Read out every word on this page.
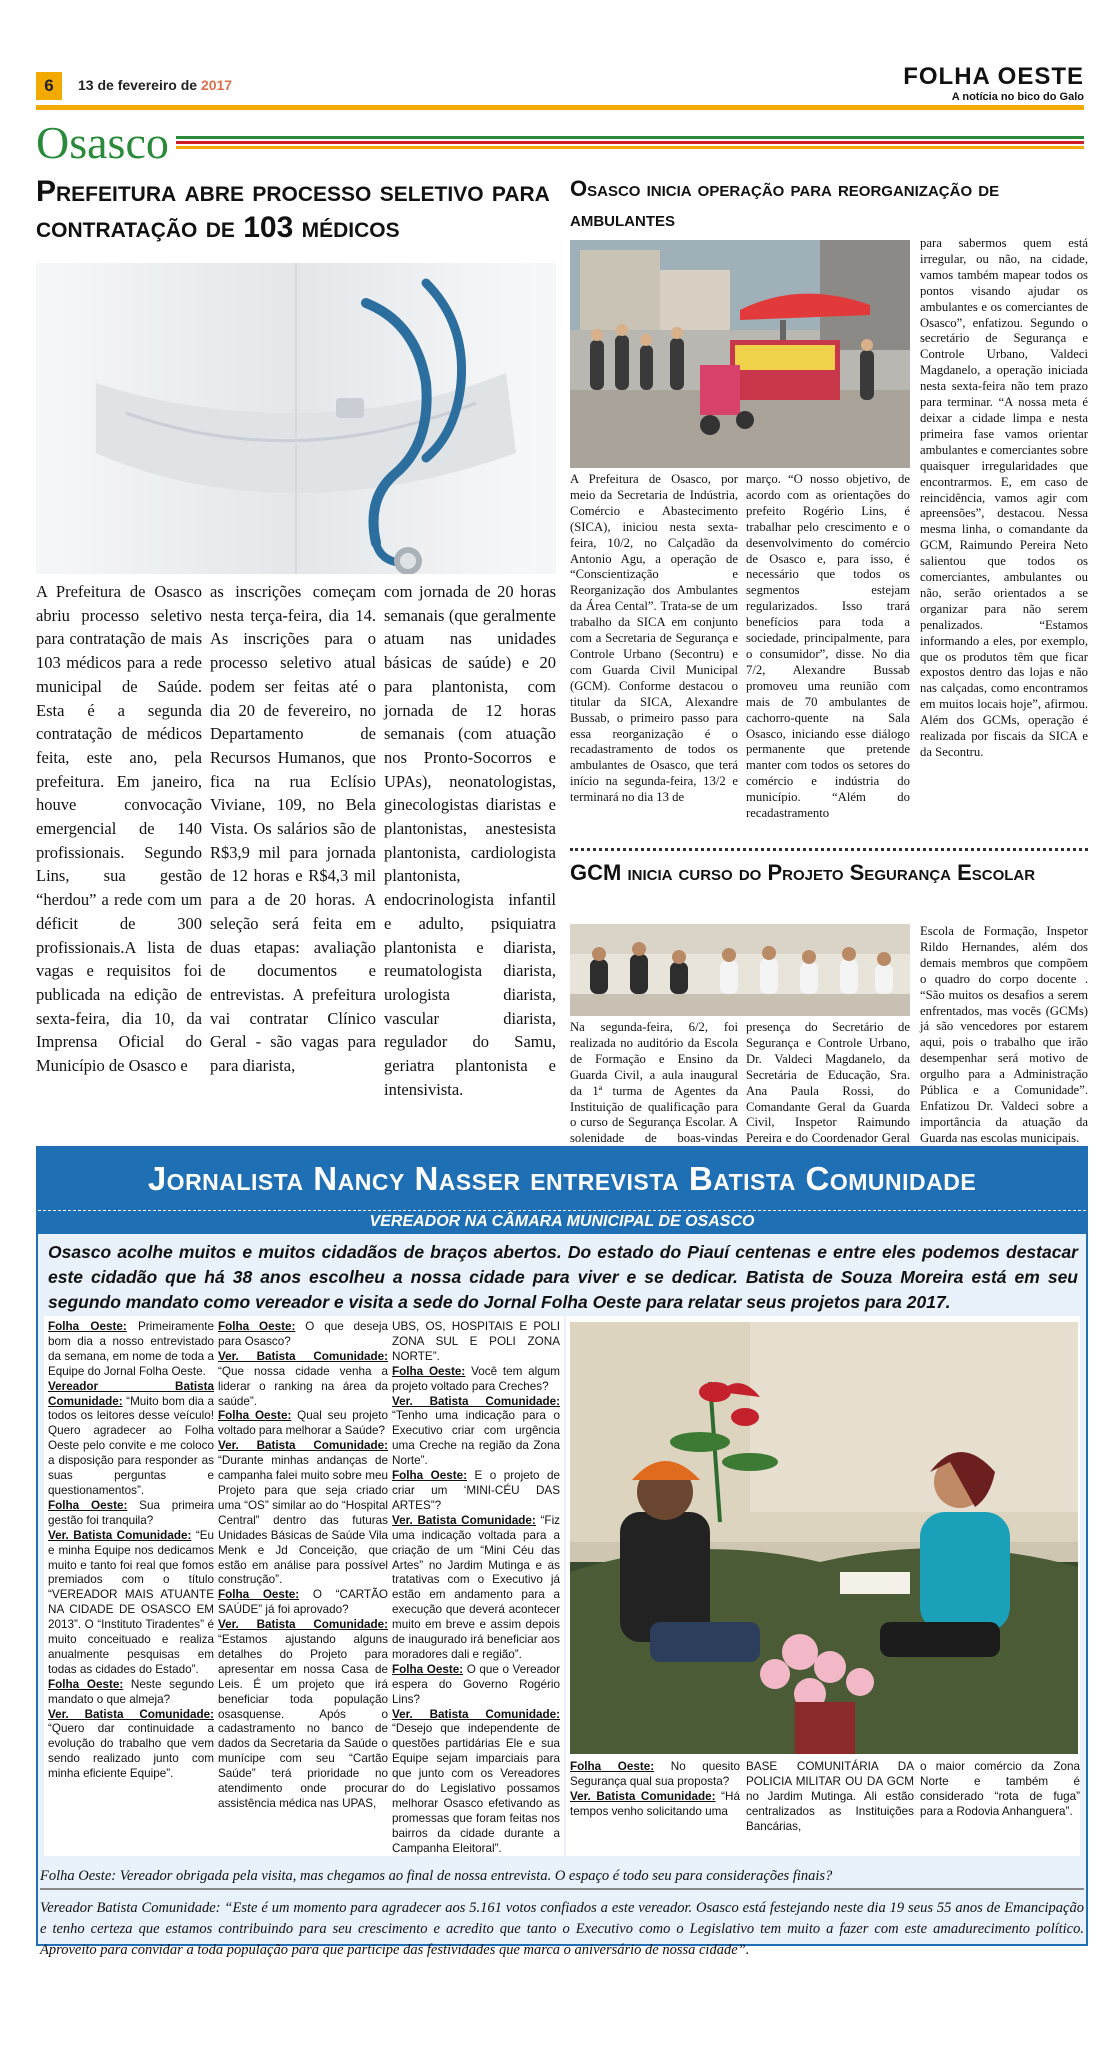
6	13 de fevereiro de 2017	FOLHA OESTE
A notícia no bico do Galo
Osasco
Prefeitura abre processo seletivo para contratação de 103 médicos
A Prefeitura de Osasco abriu processo seletivo para contratação de mais 103 médicos para a rede municipal de Saúde. Esta é a segunda contratação de médicos feita, este ano, pela prefeitura. Em janeiro, houve convocação emergencial de 140 profissionais. Segundo Lins, sua gestão “herdou” a rede com um déficit de 300 profissionais.A lista de vagas e requisitos foi publicada na edição de sexta-feira, dia 10, da Imprensa Oficial do Município de Osasco e
as inscrições começam nesta terça-feira, dia 14. As inscrições para o processo seletivo atual podem ser feitas até o dia 20 de fevereiro, no Departamento de Recursos Humanos, que fica na rua Eclísio Viviane, 109, no Bela Vista. Os salários são de R$3,9 mil para jornada de 12 horas e R$4,3 mil para a de 20 horas. A seleção será feita em duas etapas: avaliação de documentos e entrevistas. A prefeitura vai contratar Clínico Geral - são vagas para para diarista,
com jornada de 20 horas semanais (que geralmente atuam nas unidades básicas de saúde) e 20 para plantonista, com jornada de 12 horas semanais (com atuação nos Pronto-Socorros e UPAs), neonatologistas, ginecologistas diaristas e plantonistas, anestesista plantonista, cardiologista plantonista, endocrinologista infantil e adulto, psiquiatra plantonista e diarista, reumatologista diarista, urologista diarista, vascular diarista, regulador do Samu, geriatra plantonista e intensivista.
Osasco inicia operação para reorganização de ambulantes
A Prefeitura de Osasco, por meio da Secretaria de Indústria, Comércio e Abastecimento (SICA), iniciou nesta sexta-feira, 10/2, no Calçadão da Antonio Agu, a operação de “Conscientização e Reorganização dos Ambulantes da Área Cental”. Trata-se de um trabalho da SICA em conjunto com a Secretaria de Segurança e Controle Urbano (Secontru) e com Guarda Civil Municipal (GCM). Conforme destacou o titular da SICA, Alexandre Bussab, o primeiro passo para essa reorganização é o recadastramento de todos os ambulantes de Osasco, que terá início na segunda-feira, 13/2 e terminará no dia 13 de
março. “O nosso objetivo, de acordo com as orientações do prefeito Rogério Lins, é trabalhar pelo crescimento e o desenvolvimento do comércio de Osasco e, para isso, é necessário que todos os segmentos estejam regularizados. Isso trará benefícios para toda a sociedade, principalmente, para o consumidor”, disse. No dia 7/2, Alexandre Bussab promoveu uma reunião com mais de 70 ambulantes de cachorro-quente na Sala Osasco, iniciando esse diálogo permanente que pretende manter com todos os setores do comércio e indústria do município. “Além do recadastramento
para sabermos quem está irregular, ou não, na cidade, vamos também mapear todos os pontos visando ajudar os ambulantes e os comerciantes de Osasco”, enfatizou. Segundo o secretário de Segurança e Controle Urbano, Valdeci Magdanelo, a operação iniciada nesta sexta-feira não tem prazo para terminar. “A nossa meta é deixar a cidade limpa e nesta primeira fase vamos orientar ambulantes e comerciantes sobre quaisquer irregularidades que encontrarmos. E, em caso de reincidência, vamos agir com apreensões”, destacou. Nessa mesma linha, o comandante da GCM, Raimundo Pereira Neto salientou que todos os comerciantes, ambulantes ou não, serão orientados a se organizar para não serem penalizados. “Estamos informando a eles, por exemplo, que os produtos têm que ficar expostos dentro das lojas e não nas calçadas, como encontramos em muitos locais hoje”, afirmou. Além dos GCMs, operação é realizada por fiscais da SICA e da Secontru.
GCM inicia curso do Projeto Segurança Escolar
Na segunda-feira, 6/2, foi realizada no auditório da Escola de Formação e Ensino da Guarda Civil, a aula inaugural da 1ª turma de Agentes da Instituição de qualificação para o curso de Segurança Escolar. A solenidade de boas-vindas
presença do Secretário de Segurança e Controle Urbano, Dr. Valdeci Magdanelo, da Secretária de Educação, Sra. Ana Paula Rossi, do Comandante Geral da Guarda Civil, Inspetor Raimundo Pereira e do Coordenador Geral
Escola de Formação, Inspetor Rildo Hernandes, além dos demais membros que compõem o quadro do corpo docente . “São muitos os desafios a serem enfrentados, mas vocês (GCMs) já são vencedores por estarem aqui, pois o trabalho que irão desempenhar será motivo de orgulho para a Administração Pública e a Comunidade”. Enfatizou Dr. Valdeci sobre a importância da atuação da Guarda nas escolas municipais.
Jornalista Nancy Nasser entrevista Batista Comunidade
VEREADOR NA CÂMARA MUNICIPAL DE OSASCO
Osasco acolhe muitos e muitos cidadãos de braços abertos. Do estado do Piauí centenas e entre eles podemos destacar este cidadão que há 38 anos escolheu a nossa cidade para viver e se dedicar. Batista de Souza Moreira está em seu segundo mandato como vereador e visita a sede do Jornal Folha Oeste para relatar seus projetos para 2017.
Folha Oeste: Primeiramente bom dia a nosso entrevistado da semana, em nome de toda a Equipe do Jornal Folha Oeste.
Vereador Batista Comunidade: “Muito bom dia a todos os leitores desse veículo! Quero agradecer ao Folha Oeste pelo convite e me coloco a disposição para responder as suas perguntas e questionamentos”.
Folha Oeste: Sua primeira gestão foi tranquila?
Ver. Batista Comunidade: “Eu e minha Equipe nos dedicamos muito e tanto foi real que fomos premiados com o título “VEREADOR MAIS ATUANTE NA CIDADE DE OSASCO EM 2013”. O “Instituto Tiradentes” é muito conceituado e realiza anualmente pesquisas em todas as cidades do Estado”.
Folha Oeste: Neste segundo mandato o que almeja?
Ver. Batista Comunidade: “Quero dar continuidade a evolução do trabalho que vem sendo realizado junto com minha eficiente Equipe”.
Folha Oeste: O que deseja para Osasco?
Ver. Batista Comunidade: “Que nossa cidade venha a liderar o ranking na área da saúde”.
Folha Oeste: Qual seu projeto voltado para melhorar a Saúde?
Ver. Batista Comunidade: “Durante minhas andanças de campanha falei muito sobre meu Projeto para que seja criado uma “OS” similar ao do “Hospital Central” dentro das futuras Unidades Básicas de Saúde Vila Menk e Jd Conceição, que estão em análise para possível construção”.
Folha Oeste: O “CARTÃO SAÚDE” já foi aprovado?
Ver. Batista Comunidade: “Estamos ajustando alguns detalhes do Projeto para apresentar em nossa Casa de Leis. É um projeto que irá beneficiar toda população osasquense. Após o cadastramento no banco de dados da Secretaria da Saúde o munícipe com seu “Cartão Saúde” terá prioridade no atendimento onde procurar assistência médica nas UPAS,
UBS, OS, HOSPITAIS E POLI ZONA SUL E POLI ZONA NORTE”.
Folha Oeste: Você tem algum projeto voltado para Creches?
Ver. Batista Comunidade: “Tenho uma indicação para o Executivo criar com urgência uma Creche na região da Zona Norte”.
Folha Oeste: E o projeto de criar um ‘MINI-CÉU DAS ARTES”?
Ver. Batista Comunidade: “Fiz uma indicação voltada para a criação de um “Mini Céu das Artes” no Jardim Mutinga e as tratativas com o Executivo já estão em andamento para a execução que deverá acontecer muito em breve e assim depois de inaugurado irá beneficiar aos moradores dali e região”.
Folha Oeste: O que o Vereador espera do Governo Rogério Lins?
Ver. Batista Comunidade: “Desejo que independente de questões partidárias Ele e sua Equipe sejam imparciais para que junto com os Vereadores do do Legislativo possamos melhorar Osasco efetivando as promessas que foram feitas nos bairros da cidade durante a Campanha Eleitoral”.
Folha Oeste: No quesito Segurança qual sua proposta?
Ver. Batista Comunidade: “Há tempos venho solicitando uma
BASE COMUNITÁRIA DA POLICIA MILITAR OU DA GCM no Jardim Mutinga. Ali estão centralizados as Instituições Bancárias,
o maior comércio da Zona Norte e também é considerado “rota de fuga” para a Rodovia Anhanguera”.
Folha Oeste: Vereador obrigada pela visita, mas chegamos ao final de nossa entrevista. O espaço é todo seu para considerações finais?
Vereador Batista Comunidade: “Este é um momento para agradecer aos 5.161 votos confiados a este vereador. Osasco está festejando neste dia 19 seus 55 anos de Emancipação e tenho certeza que estamos contribuindo para seu crescimento e acredito que tanto o Executivo como o Legislativo tem muito a fazer com este amadurecimento político. Aproveito para convidar a toda população para que participe das festividades que marca o aniversário de nossa cidade”.
